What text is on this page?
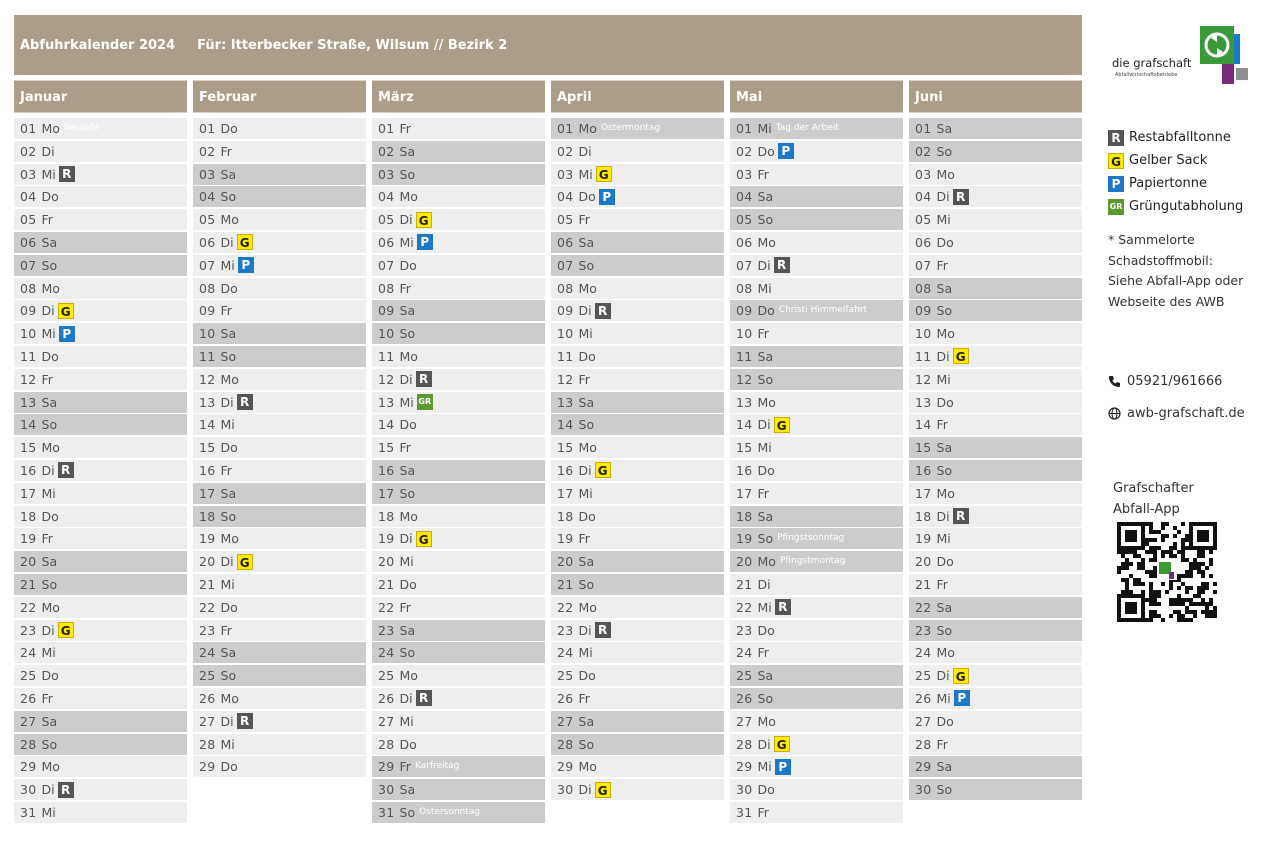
Abfuhrkalender 2024 Für: Itterbecker Straße, Wilsum // Bezirk 2
Januar
01 Mo Neujahr
02 Di
03 Mi R
04 Do
05 Fr
06 Sa
07 So
08 Mo
09 Di G
10 Mi P
11 Do
12 Fr
13 Sa
14 So
15 Mo
16 Di R
17 Mi
18 Do
19 Fr
20 Sa
21 So
22 Mo
23 Di G
24 Mi
25 Do
26 Fr
27 Sa
28 So
29 Mo
30 Di R
31 Mi
Februar
01 Do
02 Fr
03 Sa
04 So
05 Mo
06 Di G
07 Mi P
08 Do
09 Fr
10 Sa
11 So
12 Mo
13 Di R
14 Mi
15 Do
16 Fr
17 Sa
18 So
19 Mo
20 Di G
21 Mi
22 Do
23 Fr
24 Sa
25 So
26 Mo
27 Di R
28 Mi
29 Do
März
01 Fr
02 Sa
03 So
04 Mo
05 Di G
06 Mi P
07 Do
08 Fr
09 Sa
10 So
11 Mo
12 Di R
13 Mi GR
14 Do
15 Fr
16 Sa
17 So
18 Mo
19 Di G
20 Mi
21 Do
22 Fr
23 Sa
24 So
25 Mo
26 Di R
27 Mi
28 Do
29 Fr Karfreitag
30 Sa
31 So Ostersonntag
April
01 Mo Ostermontag
02 Di
03 Mi G
04 Do P
05 Fr
06 Sa
07 So
08 Mo
09 Di R
10 Mi
11 Do
12 Fr
13 Sa
14 So
15 Mo
16 Di G
17 Mi
18 Do
19 Fr
20 Sa
21 So
22 Mo
23 Di R
24 Mi
25 Do
26 Fr
27 Sa
28 So
29 Mo
30 Di G
Mai
01 Mi Tag der Arbeit
02 Do P
03 Fr
04 Sa
05 So
06 Mo
07 Di R
08 Mi
09 Do Christi Himmelfahrt
10 Fr
11 Sa
12 So
13 Mo
14 Di G
15 Mi
16 Do
17 Fr
18 Sa
19 So Pfingstsonntag
20 Mo Pfingstmontag
21 Di
22 Mi R
23 Do
24 Fr
25 Sa
26 So
27 Mo
28 Di G
29 Mi P
30 Do
31 Fr
Juni
01 Sa
02 So
03 Mo
04 Di R
05 Mi
06 Do
07 Fr
08 Sa
09 So
10 Mo
11 Di G
12 Mi
13 Do
14 Fr
15 Sa
16 So
17 Mo
18 Di R
19 Mi
20 Do
21 Fr
22 Sa
23 So
24 Mo
25 Di G
26 Mi P
27 Do
28 Fr
29 Sa
30 So
die grafschaft
Abfallwirtschaftsbetriebe
R Restabfalltonne
G Gelber Sack
P Papiertonne
GR Grüngutabholung
* Sammelorte
Schadstoffmobil:
Siehe Abfall-App oder
Webseite des AWB
05921/961666
awb-grafschaft.de
Grafschafter
Abfall-App
